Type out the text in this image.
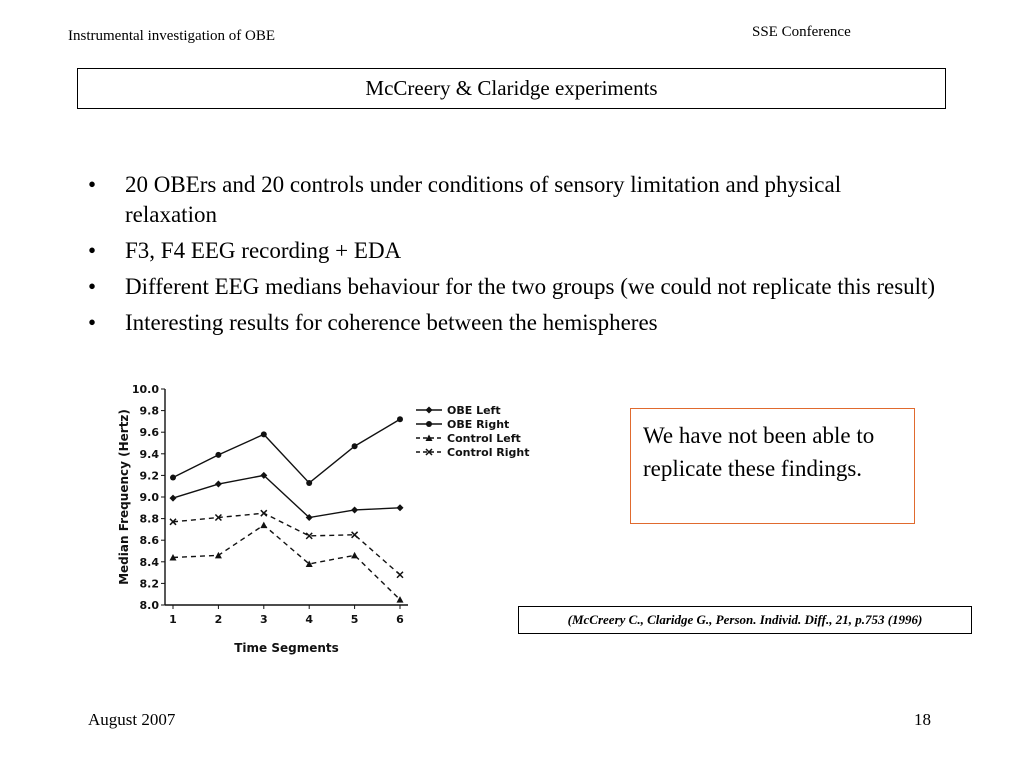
Instrumental investigation of OBE	SSE Conference
McCreery & Claridge experiments
• 20 OBErs and 20 controls under conditions of sensory limitation and physical relaxation
• F3, F4 EEG recording + EDA
• Different EEG medians behaviour for the two groups (we could not replicate this result)
• Interesting results for coherence between the hemispheres
8.0
8.2
8.4
8.6
8.8
9.0
9.2
9.4
9.6
9.8
10.0
1	2	3	4	5	6
Time Segments
Median Frequency (Hertz)	OBE Left
OBE Right
Control Left
Control Right
We have not been able to replicate these findings.
(McCreery C., Claridge G., Person. Individ. Diff., 21, p.753 (1996)
August 2007	18
